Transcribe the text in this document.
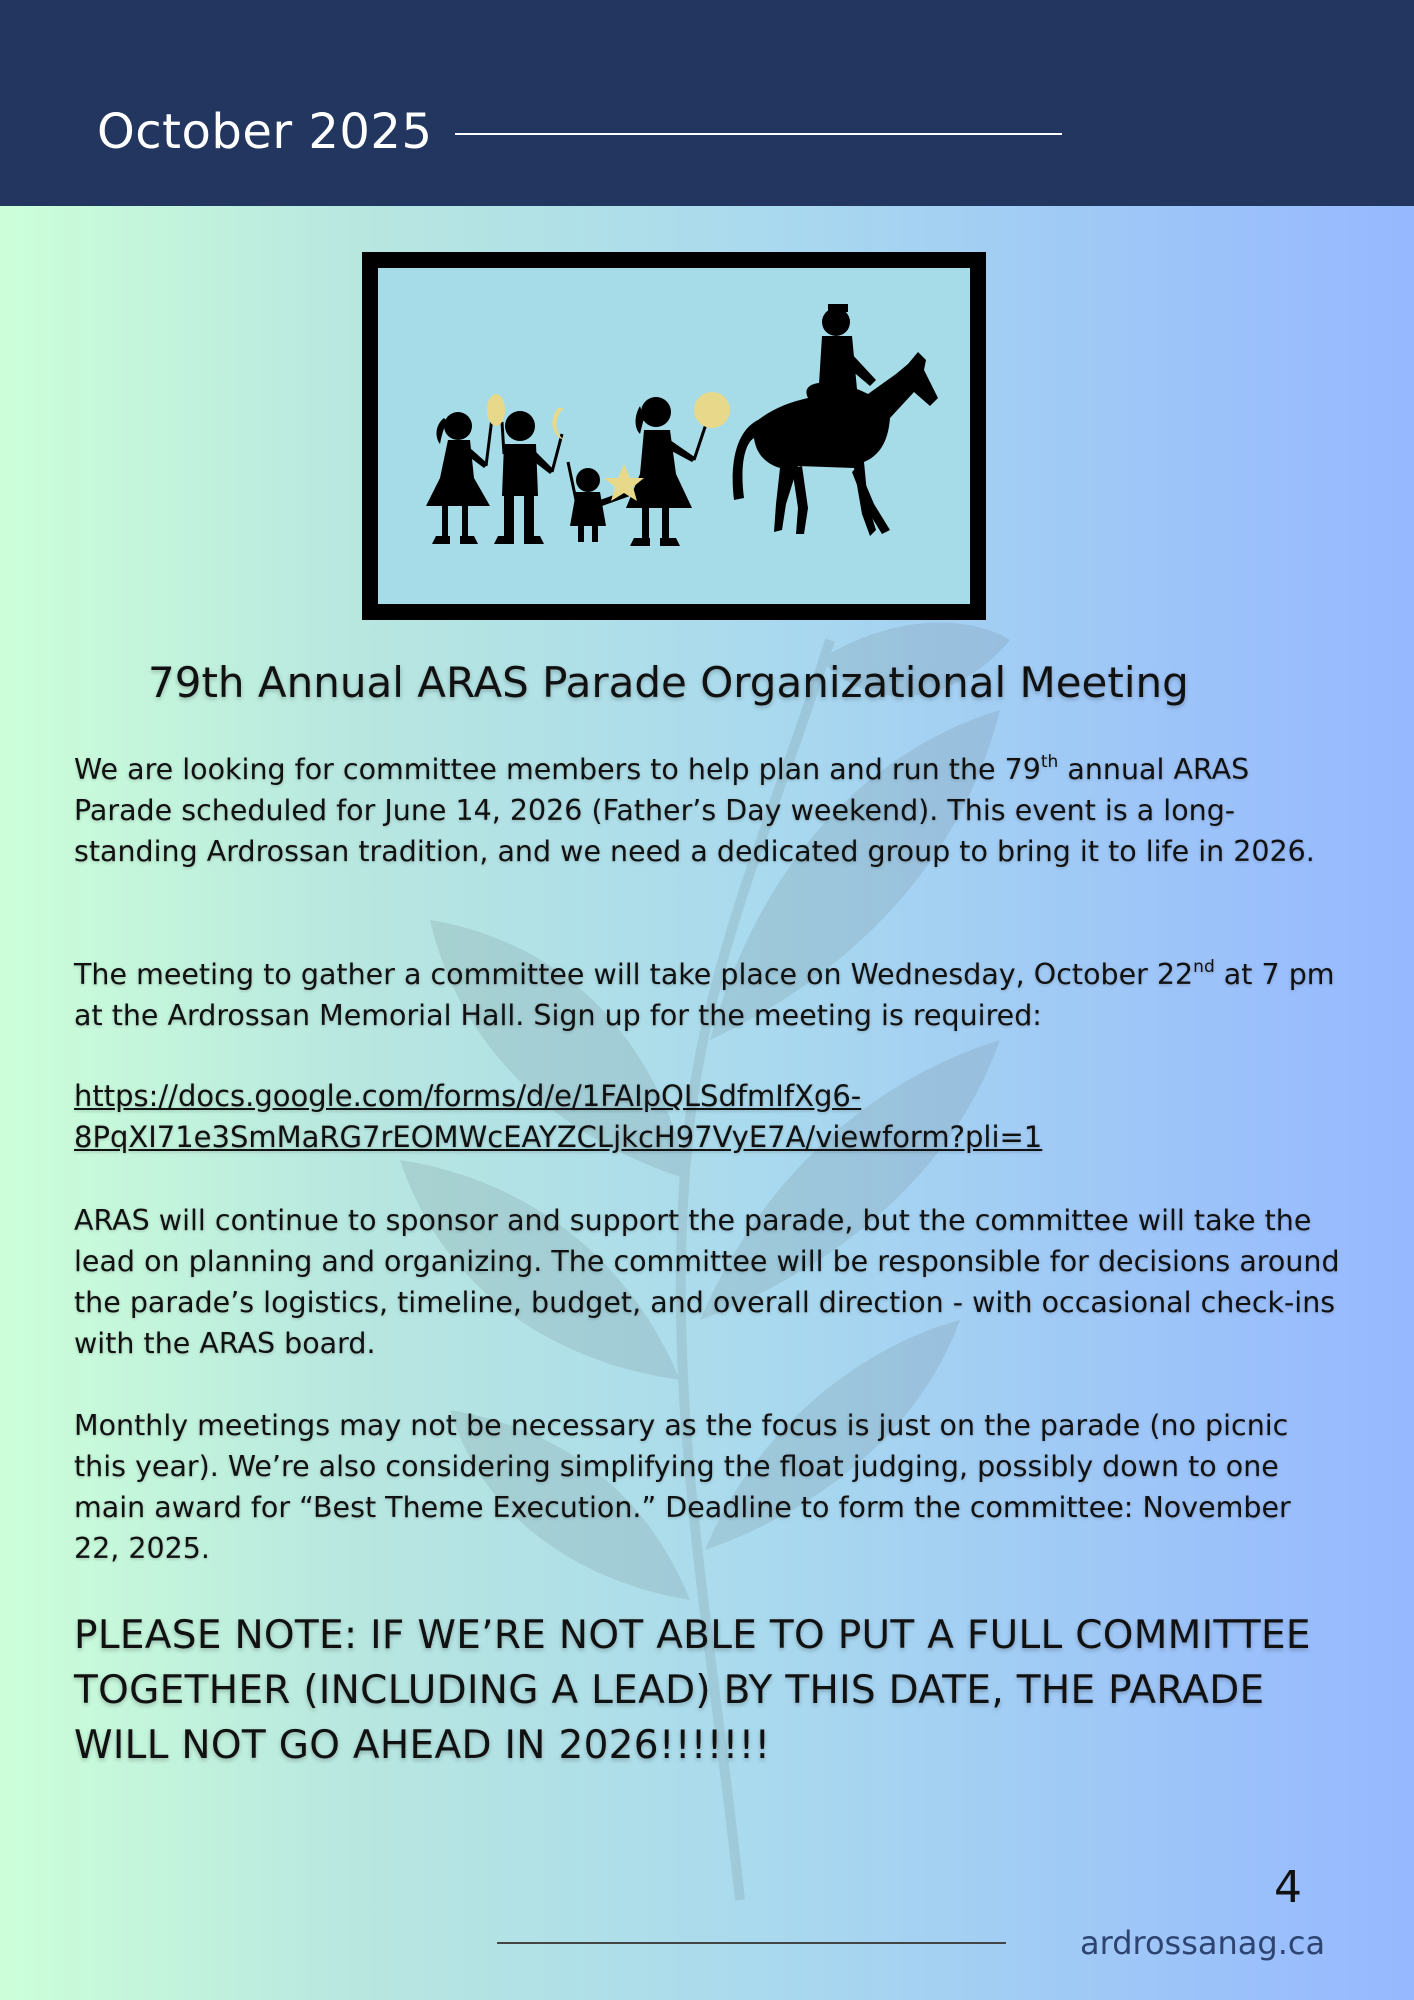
October 2025
79th Annual ARAS Parade Organizational Meeting

We are looking for committee members to help plan and run the 79th annual ARAS Parade scheduled for June 14, 2026 (Father’s Day weekend). This event is a long-standing Ardrossan tradition, and we need a dedicated group to bring it to life in 2026.

The meeting to gather a committee will take place on Wednesday, October 22nd at 7 pm at the Ardrossan Memorial Hall. Sign up for the meeting is required:

https://docs.google.com/forms/d/e/1FAIpQLSdfmIfXg6-
8PqXI71e3SmMaRG7rEOMWcEAYZCLjkcH97VyE7A/viewform?pli=1

ARAS will continue to sponsor and support the parade, but the committee will take the lead on planning and organizing. The committee will be responsible for decisions around the parade’s logistics, timeline, budget, and overall direction - with occasional check-ins with the ARAS board.

Monthly meetings may not be necessary as the focus is just on the parade (no picnic this year). We’re also considering simplifying the float judging, possibly down to one main award for “Best Theme Execution.” Deadline to form the committee: November 22, 2025.

PLEASE NOTE: IF WE’RE NOT ABLE TO PUT A FULL COMMITTEE
TOGETHER (INCLUDING A LEAD) BY THIS DATE, THE PARADE
WILL NOT GO AHEAD IN 2026!!!!!!!

4
ardrossanag.ca
